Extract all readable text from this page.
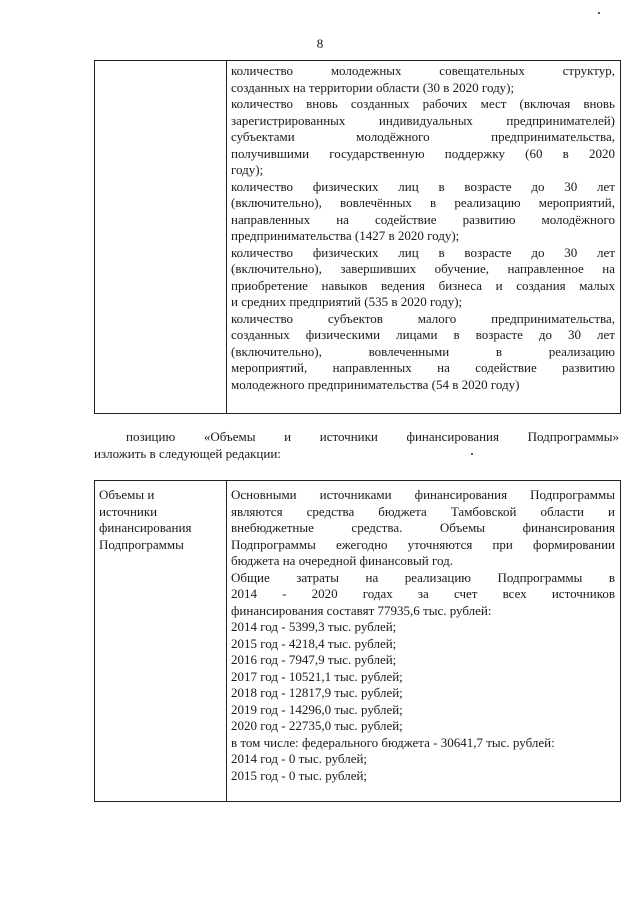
8
количество молодежных совещательных структур,
созданных на территории области (30 в 2020 году);
количество вновь созданных рабочих мест (включая вновь
зарегистрированных индивидуальных предпринимателей)
субъектами молодёжного предпринимательства,
получившими государственную поддержку (60 в 2020
году);
количество физических лиц в возрасте до 30 лет
(включительно), вовлечённых в реализацию мероприятий,
направленных на содействие развитию молодёжного
предпринимательства (1427 в 2020 году);
количество физических лиц в возрасте до 30 лет
(включительно), завершивших обучение, направленное на
приобретение навыков ведения бизнеса и создания малых
и средних предприятий (535 в 2020 году);
количество субъектов малого предпринимательства,
созданных физическими лицами в возрасте до 30 лет
(включительно), вовлеченными в реализацию
мероприятий, направленных на содействие развитию
молодежного предпринимательства (54 в 2020 году)
позицию «Объемы и источники финансирования Подпрограммы»
изложить в следующей редакции:
Объемы и
источники
финансирования
Подпрограммы
Основными источниками финансирования Подпрограммы
являются средства бюджета Тамбовской области и
внебюджетные средства. Объемы финансирования
Подпрограммы ежегодно уточняются при формировании
бюджета на очередной финансовый год.
Общие затраты на реализацию Подпрограммы в
2014 - 2020 годах за счет всех источников
финансирования составят 77935,6 тыс. рублей:
2014 год - 5399,3 тыс. рублей;
2015 год - 4218,4 тыс. рублей;
2016 год - 7947,9 тыс. рублей;
2017 год - 10521,1 тыс. рублей;
2018 год - 12817,9 тыс. рублей;
2019 год - 14296,0 тыс. рублей;
2020 год - 22735,0 тыс. рублей;
в том числе: федерального бюджета - 30641,7 тыс. рублей:
2014 год - 0 тыс. рублей;
2015 год - 0 тыс. рублей;
